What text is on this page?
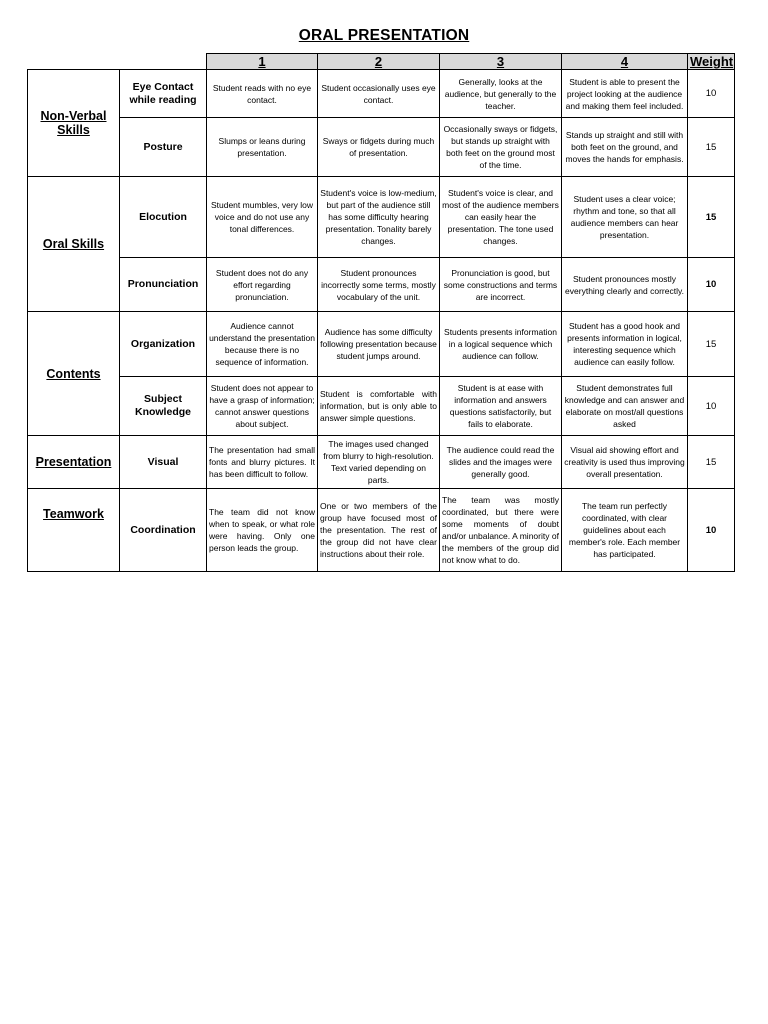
ORAL PRESENTATION
		1	2	3	4	Weight
Non-Verbal Skills	Eye Contact while reading	Student reads with no eye contact.	Student occasionally uses eye contact.	Generally, looks at the audience, but generally to the teacher.	Student is able to present the project looking at the audience and making them feel included.	10
	Posture	Slumps or leans during presentation.	Sways or fidgets during much of presentation.	Occasionally sways or fidgets, but stands up straight with both feet on the ground most of the time.	Stands up straight and still with both feet on the ground, and moves the hands for emphasis.	15
Oral Skills	Elocution	Student mumbles, very low voice and do not use any tonal differences.	Student's voice is low-medium, but part of the audience still has some difficulty hearing presentation. Tonality barely changes.	Student's voice is clear, and most of the audience members can easily hear the presentation. The tone used changes.	Student uses a clear voice; rhythm and tone, so that all audience members can hear presentation.	15
	Pronunciation	Student does not do any effort regarding pronunciation.	Student pronounces incorrectly some terms, mostly vocabulary of the unit.	Pronunciation is good, but some constructions and terms are incorrect.	Student pronounces mostly everything clearly and correctly.	10
Contents	Organization	Audience cannot understand the presentation because there is no sequence of information.	Audience has some difficulty following presentation because student jumps around.	Students presents information in a logical sequence which audience can follow.	Student has a good hook and presents information in logical, interesting sequence which audience can easily follow.	15
	Subject Knowledge	Student does not appear to have a grasp of information; cannot answer questions about subject.	Student is comfortable with information, but is only able to answer simple questions.	Student is at ease with information and answers questions satisfactorily, but fails to elaborate.	Student demonstrates full knowledge and can answer and elaborate on most/all questions asked	10
Presentation	Visual	The presentation had small fonts and blurry pictures. It has been difficult to follow.	The images used changed from blurry to high-resolution. Text varied depending on parts.	The audience could read the slides and the images were generally good.	Visual aid showing effort and creativity is used thus improving overall presentation.	15
Teamwork	Coordination	The team did not know when to speak, or what role were having. Only one person leads the group.	One or two members of the group have focused most of the presentation. The rest of the group did not have clear instructions about their role.	The team was mostly coordinated, but there were some moments of doubt and/or unbalance. A minority of the members of the group did not know what to do.	The team run perfectly coordinated, with clear guidelines about each member's role. Each member has participated.	10
